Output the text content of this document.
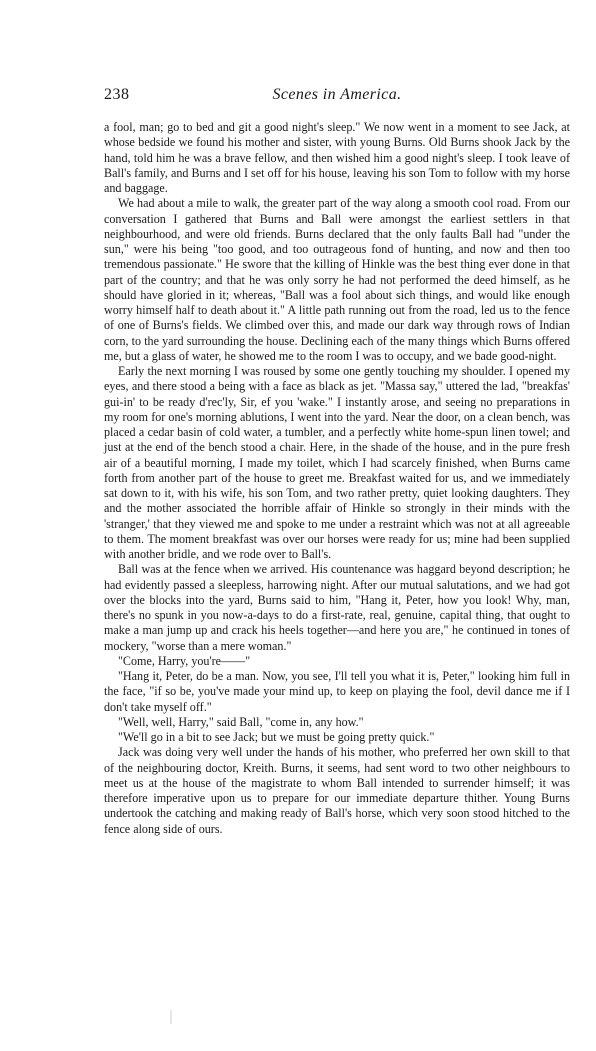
238	Scenes in America.

a fool, man; go to bed and git a good night's sleep." We now went in a moment to see Jack, at whose bedside we found his mother and sister, with young Burns. Old Burns shook Jack by the hand, told him he was a brave fellow, and then wished him a good night's sleep. I took leave of Ball's family, and Burns and I set off for his house, leaving his son Tom to follow with my horse and baggage.

We had about a mile to walk, the greater part of the way along a smooth cool road. From our conversation I gathered that Burns and Ball were amongst the earliest settlers in that neighbourhood, and were old friends. Burns declared that the only faults Ball had "under the sun," were his being "too good, and too outrageous fond of hunting, and now and then too tremendous passionate." He swore that the killing of Hinkle was the best thing ever done in that part of the country; and that he was only sorry he had not performed the deed himself, as he should have gloried in it; whereas, "Ball was a fool about sich things, and would like enough worry himself half to death about it." A little path running out from the road, led us to the fence of one of Burns's fields. We climbed over this, and made our dark way through rows of Indian corn, to the yard surrounding the house. Declining each of the many things which Burns offered me, but a glass of water, he showed me to the room I was to occupy, and we bade good-night.

Early the next morning I was roused by some one gently touching my shoulder. I opened my eyes, and there stood a being with a face as black as jet. "Massa say," uttered the lad, "breakfas' gui-in' to be ready d'rec'ly, Sir, ef you 'wake." I instantly arose, and seeing no preparations in my room for one's morning ablutions, I went into the yard. Near the door, on a clean bench, was placed a cedar basin of cold water, a tumbler, and a perfectly white home-spun linen towel; and just at the end of the bench stood a chair. Here, in the shade of the house, and in the pure fresh air of a beautiful morning, I made my toilet, which I had scarcely finished, when Burns came forth from another part of the house to greet me. Breakfast waited for us, and we immediately sat down to it, with his wife, his son Tom, and two rather pretty, quiet looking daughters. They and the mother associated the horrible affair of Hinkle so strongly in their minds with the 'stranger,' that they viewed me and spoke to me under a restraint which was not at all agreeable to them. The moment breakfast was over our horses were ready for us; mine had been supplied with another bridle, and we rode over to Ball's.

Ball was at the fence when we arrived. His countenance was haggard beyond description; he had evidently passed a sleepless, harrowing night. After our mutual salutations, and we had got over the blocks into the yard, Burns said to him, "Hang it, Peter, how you look! Why, man, there's no spunk in you now-a-days to do a first-rate, real, genuine, capital thing, that ought to make a man jump up and crack his heels together—and here you are," he continued in tones of mockery, "worse than a mere woman."

"Come, Harry, you're——"

"Hang it, Peter, do be a man. Now, you see, I'll tell you what it is, Peter," looking him full in the face, "if so be, you've made your mind up, to keep on playing the fool, devil dance me if I don't take myself off."

"Well, well, Harry," said Ball, "come in, any how."

"We'll go in a bit to see Jack; but we must be going pretty quick."

Jack was doing very well under the hands of his mother, who preferred her own skill to that of the neighbouring doctor, Kreith. Burns, it seems, had sent word to two other neighbours to meet us at the house of the magistrate to whom Ball intended to surrender himself; it was therefore imperative upon us to prepare for our immediate departure thither. Young Burns undertook the catching and making ready of Ball's horse, which very soon stood hitched to the fence along side of ours.
